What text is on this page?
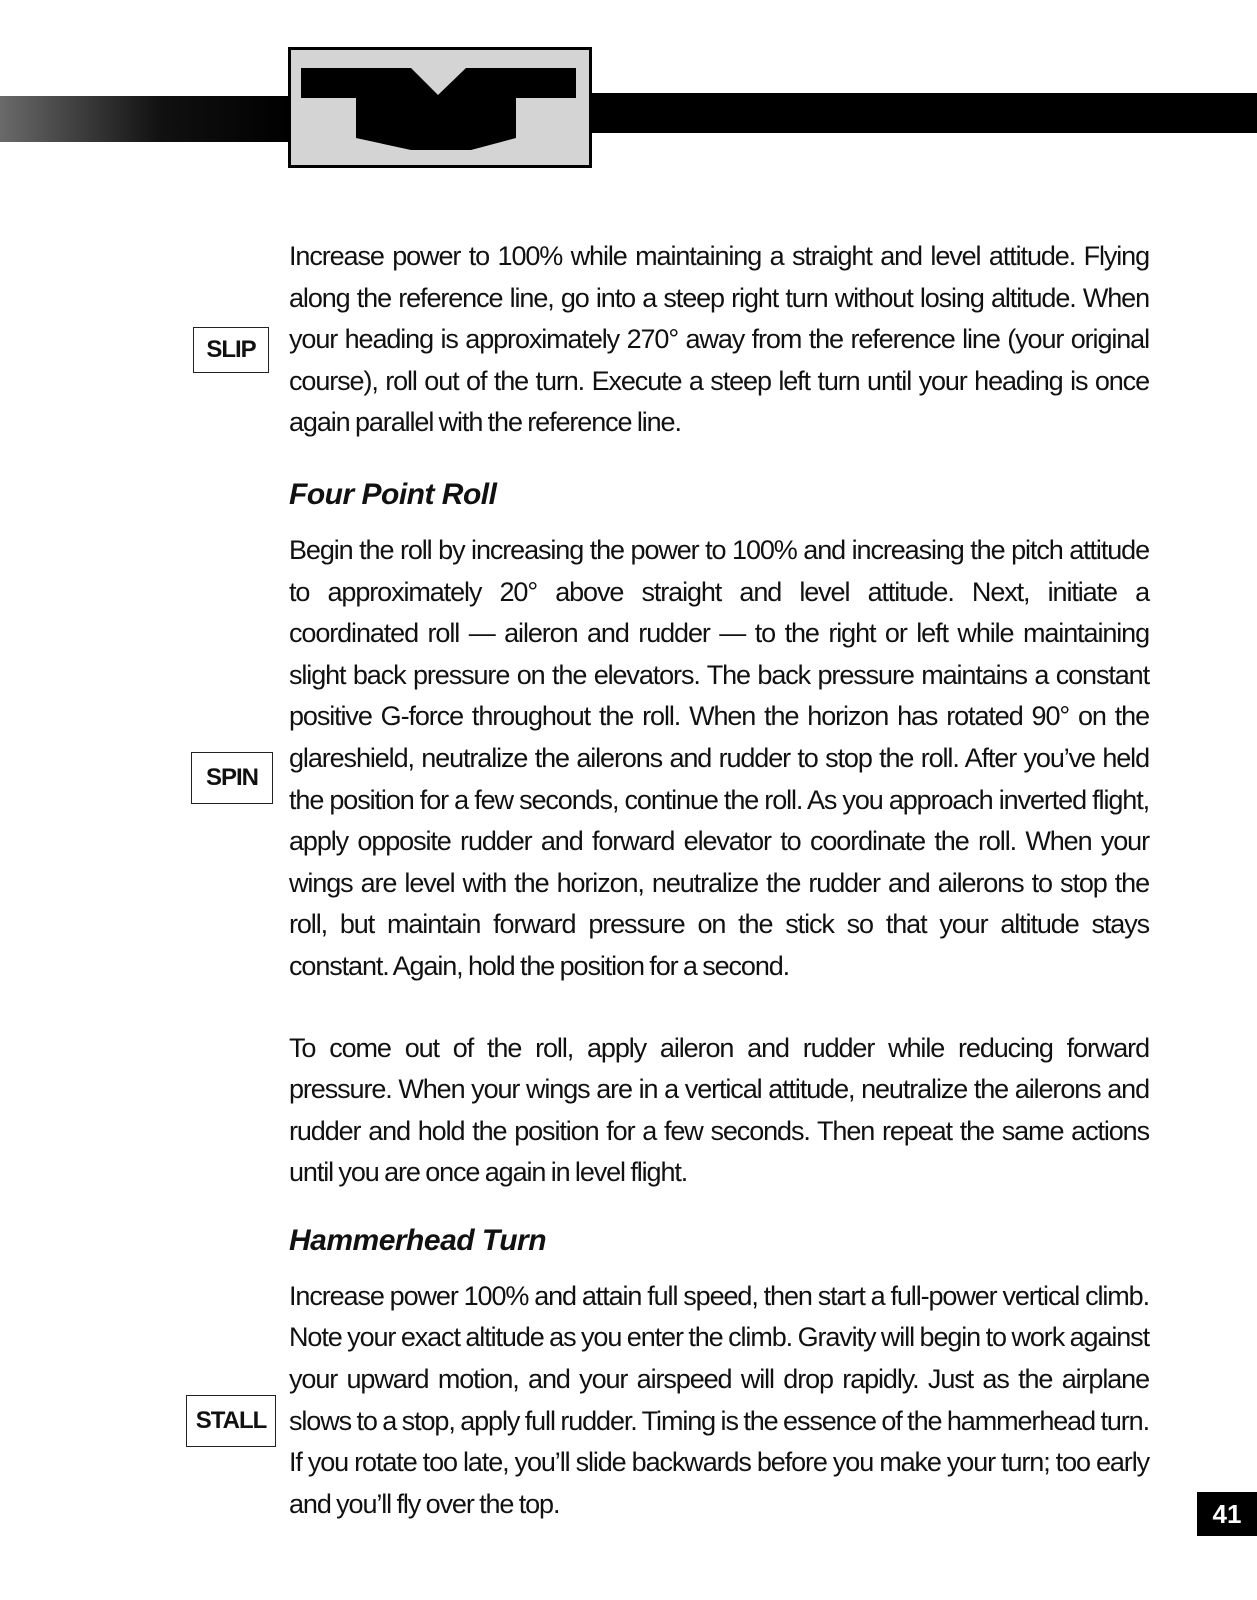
SLIP
SPIN
STALL

Increase power to 100% while maintaining a straight and level attitude. Flying along the reference line, go into a steep right turn without losing altitude. When your heading is approximately 270° away from the reference line (your original course), roll out of the turn. Execute a steep left turn until your heading is once again parallel with the reference line.

Four Point Roll

Begin the roll by increasing the power to 100% and increasing the pitch attitude to approximately 20° above straight and level attitude. Next, initiate a coordinated roll — aileron and rudder — to the right or left while maintaining slight back pressure on the elevators. The back pressure maintains a constant positive G-force throughout the roll. When the horizon has rotated 90° on the glareshield, neutralize the ailerons and rudder to stop the roll. After you’ve held the position for a few seconds, continue the roll. As you approach inverted flight, apply opposite rudder and forward elevator to coordinate the roll. When your wings are level with the horizon, neutralize the rudder and ailerons to stop the roll, but maintain forward pressure on the stick so that your altitude stays constant. Again, hold the position for a second.

To come out of the roll, apply aileron and rudder while reducing forward pressure. When your wings are in a vertical attitude, neutralize the ailerons and rudder and hold the position for a few seconds. Then repeat the same actions until you are once again in level flight.

Hammerhead Turn

Increase power 100% and attain full speed, then start a full-power vertical climb. Note your exact altitude as you enter the climb. Gravity will begin to work against your upward motion, and your airspeed will drop rapidly. Just as the airplane slows to a stop, apply full rudder. Timing is the essence of the hammerhead turn. If you rotate too late, you’ll slide backwards before you make your turn; too early and you’ll fly over the top.	41
